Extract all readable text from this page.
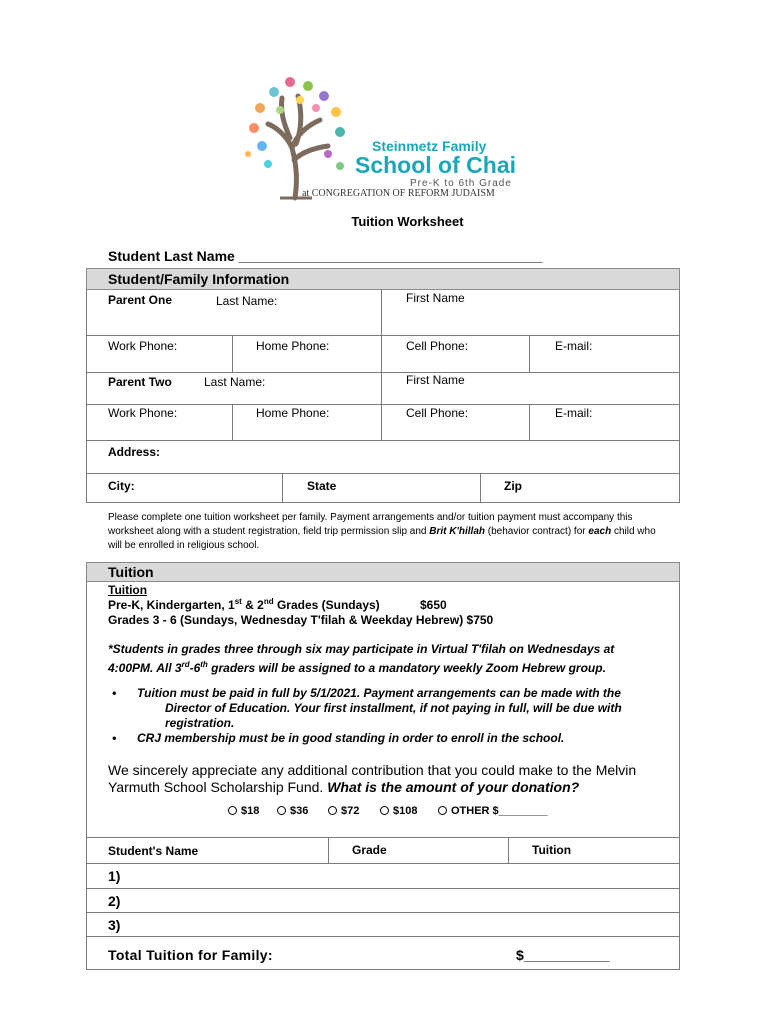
Steinmetz Family
School of Chai
Pre-K to 6th Grade
at CONGREGATION OF REFORM JUDAISM
Tuition Worksheet
Student Last Name _______________________________________
Student/Family Information
Parent One	Last Name:	First Name
Work Phone:	Home Phone:	Cell Phone:	E-mail:
Parent Two	Last Name:	First Name
Work Phone:	Home Phone:	Cell Phone:	E-mail:
Address:
City:	State	Zip
Please complete one tuition worksheet per family. Payment arrangements and/or tuition payment must accompany this worksheet along with a student registration, field trip permission slip and Brit K'hillah (behavior contract) for each child who will be enrolled in religious school.
Tuition
Tuition
Pre-K, Kindergarten, 1st & 2nd Grades (Sundays)	$650
Grades 3 - 6 (Sundays, Wednesday T'filah & Weekday Hebrew) $750
*Students in grades three through six may participate in Virtual T'filah on Wednesdays at
4:00PM. All 3rd-6th graders will be assigned to a mandatory weekly Zoom Hebrew group.
• Tuition must be paid in full by 5/1/2021. Payment arrangements can be made with the
Director of Education. Your first installment, if not paying in full, will be due with
registration.
• CRJ membership must be in good standing in order to enroll in the school.
We sincerely appreciate any additional contribution that you could make to the Melvin
Yarmuth School Scholarship Fund. What is the amount of your donation?
$18	$36	$72	$108	OTHER $________
Student's Name	Grade	Tuition
1)
2)
3)
Total Tuition for Family:	$___________
